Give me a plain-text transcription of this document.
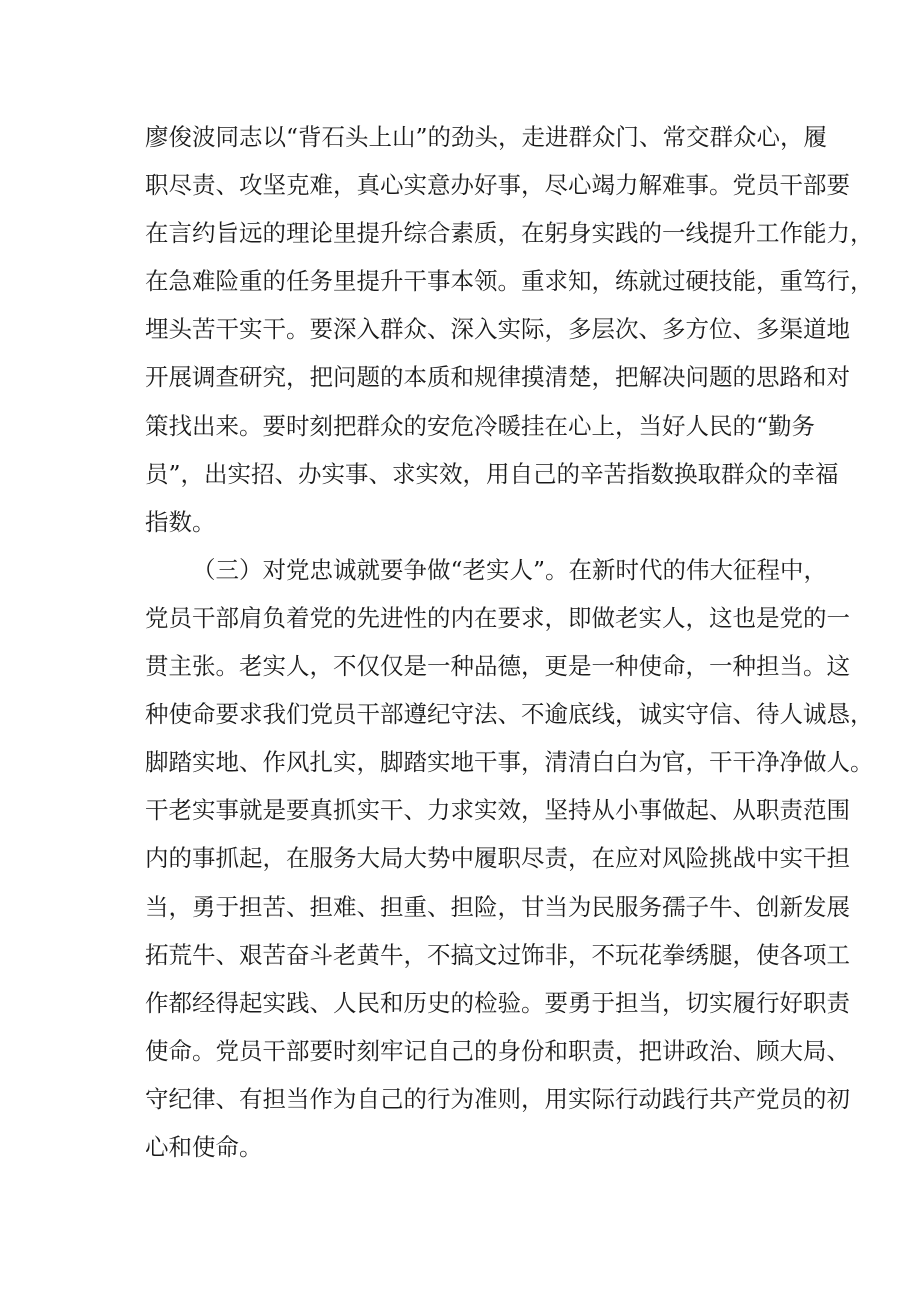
廖俊波同志以“背石头上山”的劲头，走进群众门、常交群众心，履
职尽责、攻坚克难，真心实意办好事，尽心竭力解难事。党员干部要
在言约旨远的理论里提升综合素质，在躬身实践的一线提升工作能力，
在急难险重的任务里提升干事本领。重求知，练就过硬技能，重笃行，
埋头苦干实干。要深入群众、深入实际，多层次、多方位、多渠道地
开展调查研究，把问题的本质和规律摸清楚，把解决问题的思路和对
策找出来。要时刻把群众的安危冷暖挂在心上，当好人民的“勤务
员”，出实招、办实事、求实效，用自己的辛苦指数换取群众的幸福
指数。
（三）对党忠诚就要争做“老实人”。在新时代的伟大征程中，
党员干部肩负着党的先进性的内在要求，即做老实人，这也是党的一
贯主张。老实人，不仅仅是一种品德，更是一种使命，一种担当。这
种使命要求我们党员干部遵纪守法、不逾底线，诚实守信、待人诚恳，
脚踏实地、作风扎实，脚踏实地干事，清清白白为官，干干净净做人。
干老实事就是要真抓实干、力求实效，坚持从小事做起、从职责范围
内的事抓起，在服务大局大势中履职尽责，在应对风险挑战中实干担
当，勇于担苦、担难、担重、担险，甘当为民服务孺子牛、创新发展
拓荒牛、艰苦奋斗老黄牛，不搞文过饰非，不玩花拳绣腿，使各项工
作都经得起实践、人民和历史的检验。要勇于担当，切实履行好职责
使命。党员干部要时刻牢记自己的身份和职责，把讲政治、顾大局、
守纪律、有担当作为自己的行为准则，用实际行动践行共产党员的初
心和使命。
